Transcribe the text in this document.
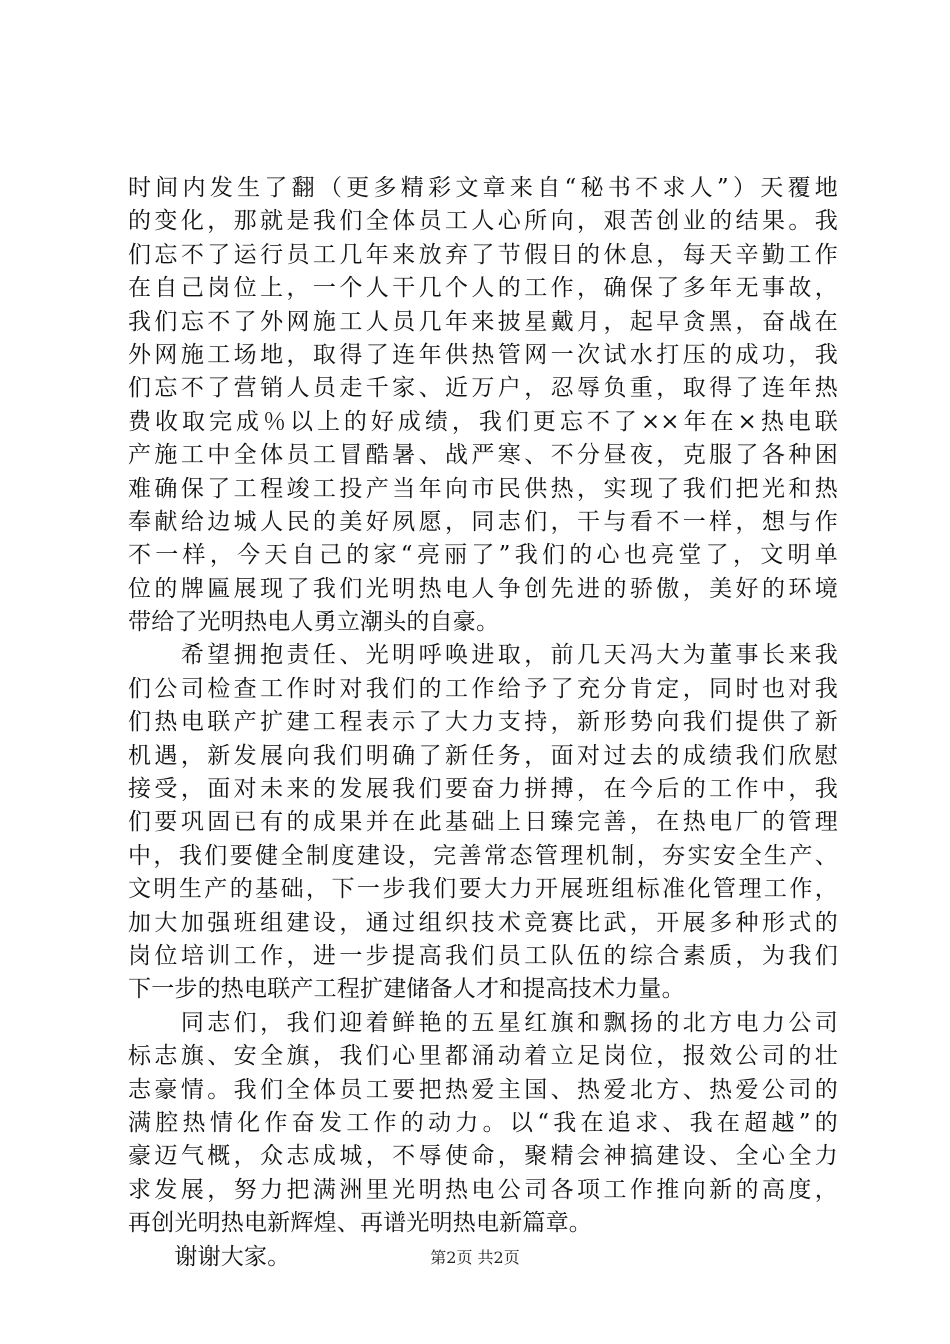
时间内发生了翻（更多精彩文章来自“秘书不求人”）天覆地
的变化，那就是我们全体员工人心所向，艰苦创业的结果。我
们忘不了运行员工几年来放弃了节假日的休息，每天辛勤工作
在自己岗位上，一个人干几个人的工作，确保了多年无事故，
我们忘不了外网施工人员几年来披星戴月，起早贪黑，奋战在
外网施工场地，取得了连年供热管网一次试水打压的成功，我
们忘不了营销人员走千家、近万户，忍辱负重，取得了连年热
费收取完成％以上的好成绩，我们更忘不了××年在×热电联
产施工中全体员工冒酷暑、战严寒、不分昼夜，克服了各种困
难确保了工程竣工投产当年向市民供热，实现了我们把光和热
奉献给边城人民的美好夙愿，同志们，干与看不一样，想与作
不一样，今天自己的家“亮丽了”我们的心也亮堂了，文明单
位的牌匾展现了我们光明热电人争创先进的骄傲，美好的环境
带给了光明热电人勇立潮头的自豪。
　　希望拥抱责任、光明呼唤进取，前几天冯大为董事长来我
们公司检查工作时对我们的工作给予了充分肯定，同时也对我
们热电联产扩建工程表示了大力支持，新形势向我们提供了新
机遇，新发展向我们明确了新任务，面对过去的成绩我们欣慰
接受，面对未来的发展我们要奋力拼搏，在今后的工作中，我
们要巩固已有的成果并在此基础上日臻完善，在热电厂的管理
中，我们要健全制度建设，完善常态管理机制，夯实安全生产、
文明生产的基础，下一步我们要大力开展班组标准化管理工作，
加大加强班组建设，通过组织技术竞赛比武，开展多种形式的
岗位培训工作，进一步提高我们员工队伍的综合素质，为我们
下一步的热电联产工程扩建储备人才和提高技术力量。
　　同志们，我们迎着鲜艳的五星红旗和飘扬的北方电力公司
标志旗、安全旗，我们心里都涌动着立足岗位，报效公司的壮
志豪情。我们全体员工要把热爱主国、热爱北方、热爱公司的
满腔热情化作奋发工作的动力。以“我在追求、我在超越”的
豪迈气概，众志成城，不辱使命，聚精会神搞建设、全心全力
求发展，努力把满洲里光明热电公司各项工作推向新的高度，
再创光明热电新辉煌、再谱光明热电新篇章。
　　谢谢大家。	第2页 共2页
